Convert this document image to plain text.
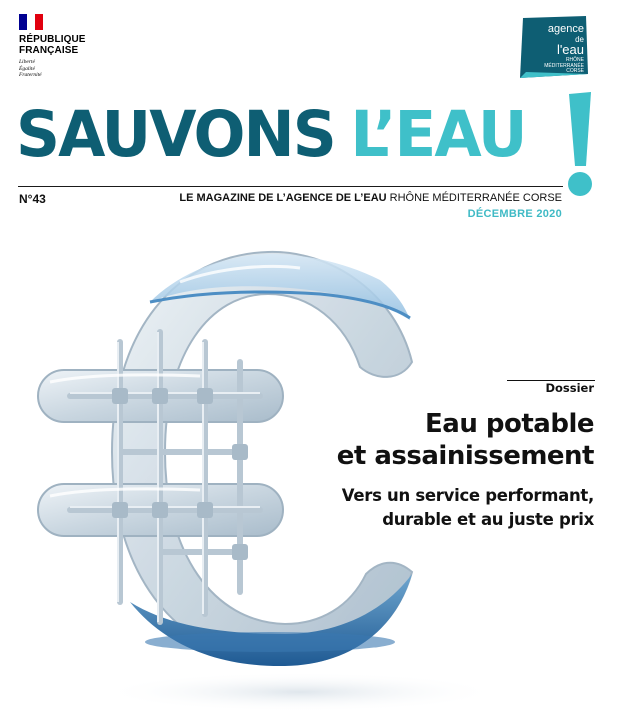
RÉPUBLIQUE
FRANÇAISE
Liberté
Égalité
Fraternité
agence
de
l'eau
RHÔNE
MÉDITERRANÉE
CORSE
SAUVONS L’EAU
N°43	LE MAGAZINE DE L’AGENCE DE L’EAU RHÔNE MÉDITERRANÉE CORSE
DÉCEMBRE 2020
Dossier
Eau potable
et assainissement
Vers un service performant,
durable et au juste prix
